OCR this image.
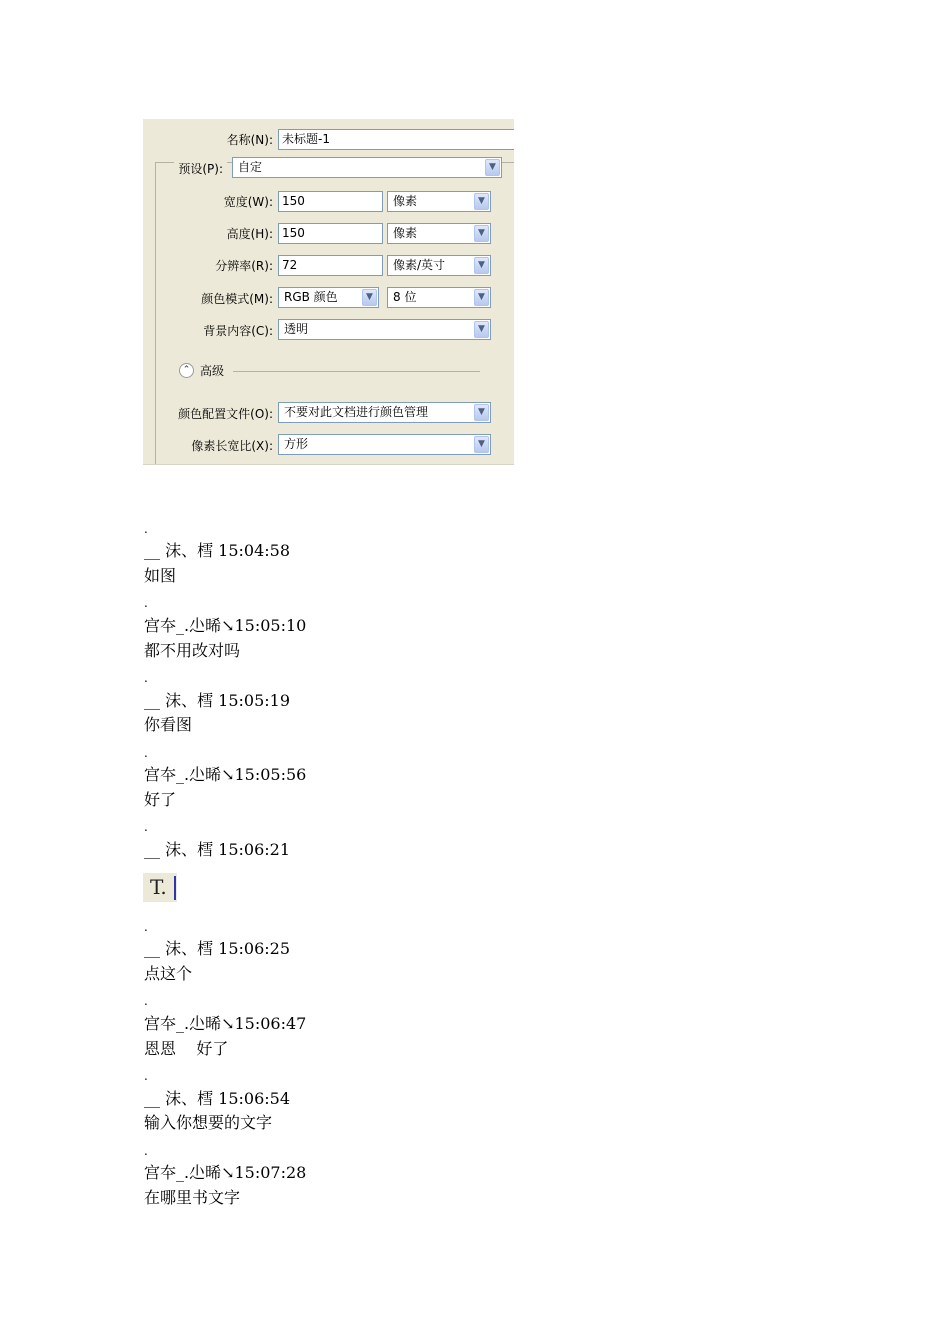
名称(N): 未标题-1
预设(P):	自定	▼
宽度(W): 150	像素	▼
高度(H): 150	像素	▼
分辨率(R): 72	像素/英寸	▼
颜色模式(M): RGB 颜色	▼	8 位	▼
背景内容(C): 透明	▼
⌃ 高级
颜色配置文件(O): 不要对此文档进行颜色管理	▼
像素长宽比(X): 方形	▼
.
__ 沫、樰 15:04:58
如图
.
宫夲_.尐晞↘15:05:10
都不用改对吗
.
__ 沫、樰 15:05:19
你看图
.
宫夲_.尐晞↘15:05:56
好了
.
__ 沫、樰 15:06:21
T.
.
__ 沫、樰 15:06:25
点这个
.
宫夲_.尐晞↘15:06:47
恩恩    好了
.
__ 沫、樰 15:06:54
输入你想要的文字
.
宫夲_.尐晞↘15:07:28
在哪里书文字
